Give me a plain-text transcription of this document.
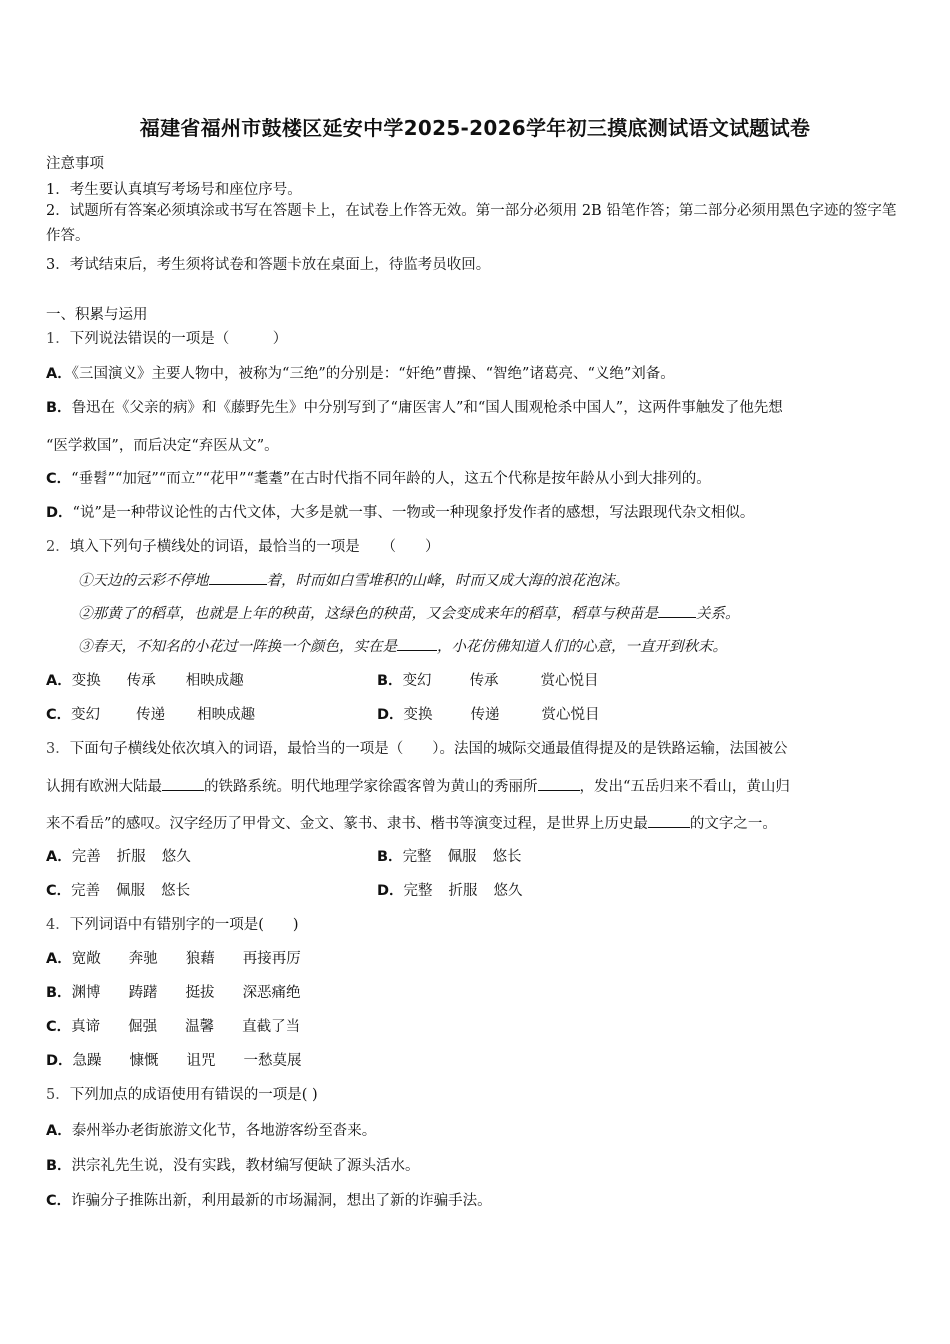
福建省福州市鼓楼区延安中学2025-2026学年初三摸底测试语文试题试卷
注意事项
1．考生要认真填写考场号和座位序号。
2．试题所有答案必须填涂或书写在答题卡上，在试卷上作答无效。第一部分必须用 2B 铅笔作答；第二部分必须用黑色字迹的签字笔作答。
3．考试结束后，考生须将试卷和答题卡放在桌面上，待监考员收回。
一、积累与运用
1．下列说法错误的一项是（　　　）
A．《三国演义》主要人物中，被称为“三绝”的分别是：“奸绝”曹操、“智绝”诸葛亮、“义绝”刘备。
B．鲁迅在《父亲的病》和《藤野先生》中分别写到了“庸医害人”和“国人围观枪杀中国人”，这两件事触发了他先想
“医学救国”，而后决定“弃医从文”。
C．“垂髫”“加冠”“而立”“花甲”“耄耋”在古时代指不同年龄的人，这五个代称是按年龄从小到大排列的。
D．“说”是一种带议论性的古代文体，大多是就一事、一物或一种现象抒发作者的感想，写法跟现代杂文相似。
2．填入下列句子横线处的词语，最恰当的一项是　　（　　）
①天边的云彩不停地	着，时而如白雪堆积的山峰，时而又成大海的浪花泡沫。
②那黄了的稻草，也就是上年的秧苗，这绿色的秧苗，又会变成来年的稻草，稻草与秧苗是	关系。
③春天，不知名的小花过一阵换一个颜色，实在是	，小花仿佛知道人们的心意，一直开到秋末。
A．变换 传承 相映成趣	B．变幻	传承	赏心悦目
C．变幻 传递 相映成趣	D．变换	传递	赏心悦目
3．下面句子横线处依次填入的词语，最恰当的一项是（　　）。法国的城际交通最值得提及的是铁路运输，法国被公
认拥有欧洲大陆最	的铁路系统。明代地理学家徐霞客曾为黄山的秀丽所	，发出“五岳归来不看山，黄山归
来不看岳”的感叹。汉字经历了甲骨文、金文、篆书、隶书、楷书等演变过程，是世界上历史最	的文字之一。
A．完善 折服 悠久	B．完整 佩服 悠长
C．完善 佩服 悠长	D．完整 折服 悠久
4．下列词语中有错别字的一项是(　　)
A．宽敞 奔驰 狼藉 再接再厉
B．渊博 踌躇 挺拔 深恶痛绝
C．真谛 倔强 温馨 直截了当
D．急躁 慷慨 诅咒 一愁莫展
5．下列加点的成语使用有错误的一项是( )
A．泰州举办老街旅游文化节，各地游客纷至沓来。
B．洪宗礼先生说，没有实践，教材编写便缺了源头活水。
C．诈骗分子推陈出新，利用最新的市场漏洞，想出了新的诈骗手法。
